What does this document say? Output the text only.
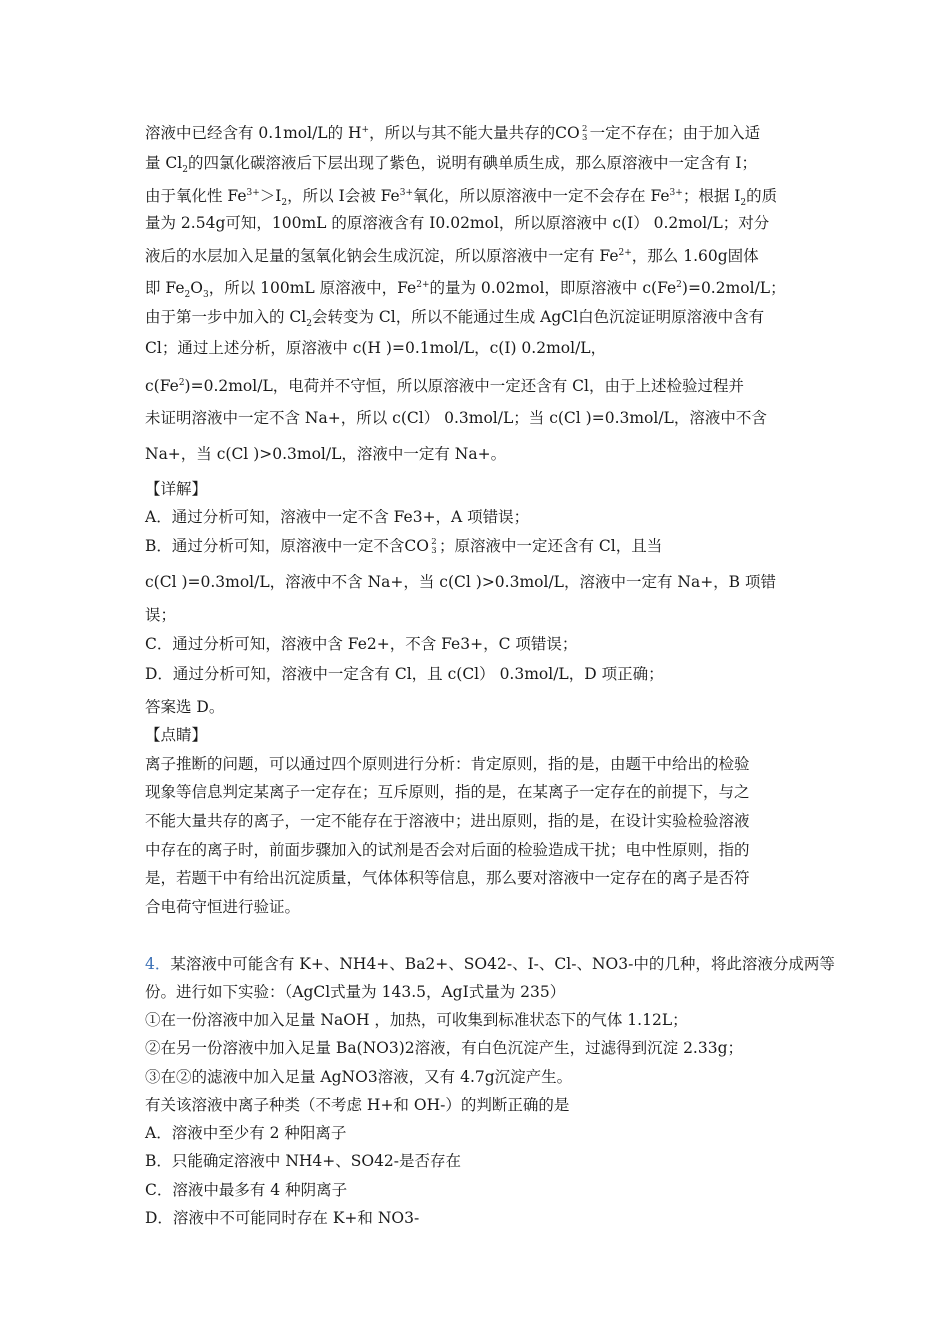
溶液中已经含有 0.1mol/L的 H+，所以与其不能大量共存的CO 2
3 一定不存在；由于加入适
量 $Cl_2$的四氯化碳溶液后下层出现了紫色，说明有碘单质生成，那么原溶液中一定含有 I；
由于氧化性 $Fe^{3+}>I_2$，所以 I会被 $Fe^{3+}$氧化，所以原溶液中一定不会存在 $Fe^{3+}$；根据 $I_2$的质
量为 2.54g可知，100mL 的原溶液含有 I0.02mol，所以原溶液中 c(I） 0.2mol/L；对分
液后的水层加入足量的氢氧化钠会生成沉淀，所以原溶液中一定有 $Fe^{2+}$，那么 1.60g固体
即 $Fe_2O_3$，所以 100mL 原溶液中，$Fe^{2+}$的量为 0.02mol，即原溶液中 $c(Fe^2)=0.2mol/L$；
由于第一步中加入的 $Cl_2$会转变为 Cl，所以不能通过生成 AgCl白色沉淀证明原溶液中含有
Cl；通过上述分析，原溶液中 c(H )=0.1mol/L，c(I) 0.2mol/L，
$c(Fe^2)=0.2mol/L$，电荷并不守恒，所以原溶液中一定还含有 Cl，由于上述检验过程并
未证明溶液中一定不含 Na+，所以 c(Cl） 0.3mol/L；当 c(Cl )=0.3mol/L，溶液中不含
Na+，当 c(Cl )>0.3mol/L，溶液中一定有 Na+。
【详解】
A．通过分析可知，溶液中一定不含 Fe3+，A 项错误；
B．通过分析可知，原溶液中一定不含CO 2
3 ；原溶液中一定还含有 Cl，且当
c(Cl )=0.3mol/L，溶液中不含 Na+，当 c(Cl )>0.3mol/L，溶液中一定有 Na+，B 项错
误；
C．通过分析可知，溶液中含 Fe2+，不含 Fe3+，C 项错误；
D．通过分析可知，溶液中一定含有 Cl，且 c(Cl） 0.3mol/L，D 项正确；
答案选 D。
【点睛】
离子推断的问题，可以通过四个原则进行分析：肯定原则，指的是，由题干中给出的检验
现象等信息判定某离子一定存在；互斥原则，指的是，在某离子一定存在的前提下，与之
不能大量共存的离子，一定不能存在于溶液中；进出原则，指的是，在设计实验检验溶液
中存在的离子时，前面步骤加入的试剂是否会对后面的检验造成干扰；电中性原则，指的
是，若题干中有给出沉淀质量，气体体积等信息，那么要对溶液中一定存在的离子是否符
合电荷守恒进行验证。
4．某溶液中可能含有 K+、NH4+、Ba2+、SO42-、I-、Cl-、NO3-中的几种，将此溶液分成两等
份。进行如下实验：（AgCl式量为 143.5，AgI式量为 235）
①在一份溶液中加入足量 NaOH ，加热，可收集到标准状态下的气体 1.12L；
②在另一份溶液中加入足量 Ba(NO3)2溶液，有白色沉淀产生，过滤得到沉淀 2.33g；
③在②的滤液中加入足量 AgNO3溶液，又有 4.7g沉淀产生。
有关该溶液中离子种类（不考虑 H+和 OH-）的判断正确的是
A．溶液中至少有 2 种阳离子
B．只能确定溶液中 NH4+、SO42-是否存在
C．溶液中最多有 4 种阴离子
D．溶液中不可能同时存在 K+和 NO3-
